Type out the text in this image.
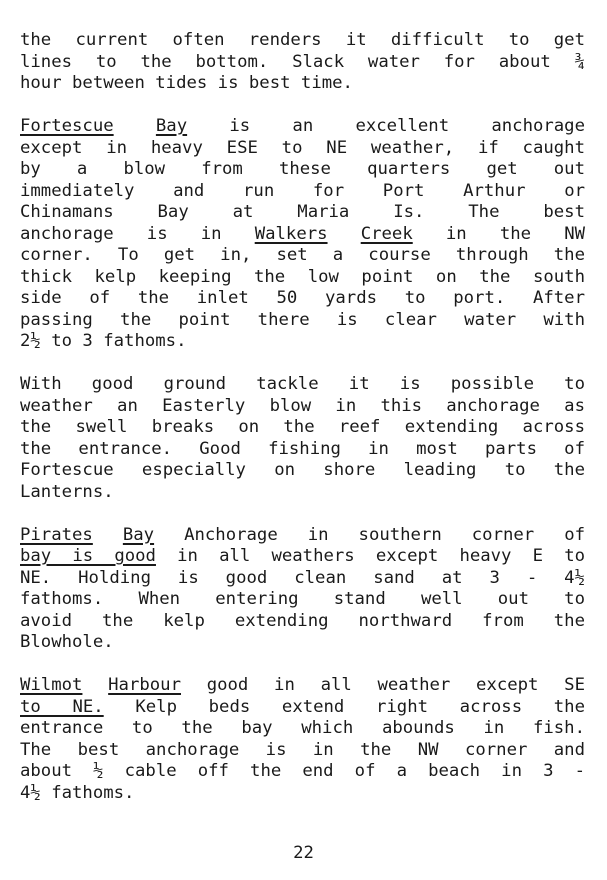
the current often renders it difficult to get
lines to the bottom. Slack water for about ¾
hour between tides is best time.
Fortescue Bay is an excellent anchorage
except in heavy ESE to NE weather, if caught
by a blow from these quarters get out
immediately and run for Port Arthur or
Chinamans Bay at Maria Is. The best
anchorage is in Walkers Creek in the NW
corner. To get in, set a course through the
thick kelp keeping the low point on the south
side of the inlet 50 yards to port. After
passing the point there is clear water with
2½ to 3 fathoms.
With good ground tackle it is possible to
weather an Easterly blow in this anchorage as
the swell breaks on the reef extending across
the entrance. Good fishing in most parts of
Fortescue especially on shore leading to the
Lanterns.
Pirates Bay Anchorage in southern corner of
bay is good in all weathers except heavy E to
NE. Holding is good clean sand at 3 - 4½
fathoms. When entering stand well out to
avoid the kelp extending northward from the
Blowhole.
Wilmot Harbour good in all weather except SE
to NE. Kelp beds extend right across the
entrance to the bay which abounds in fish.
The best anchorage is in the NW corner and
about ½ cable off the end of a beach in 3 -
4½ fathoms.
22
